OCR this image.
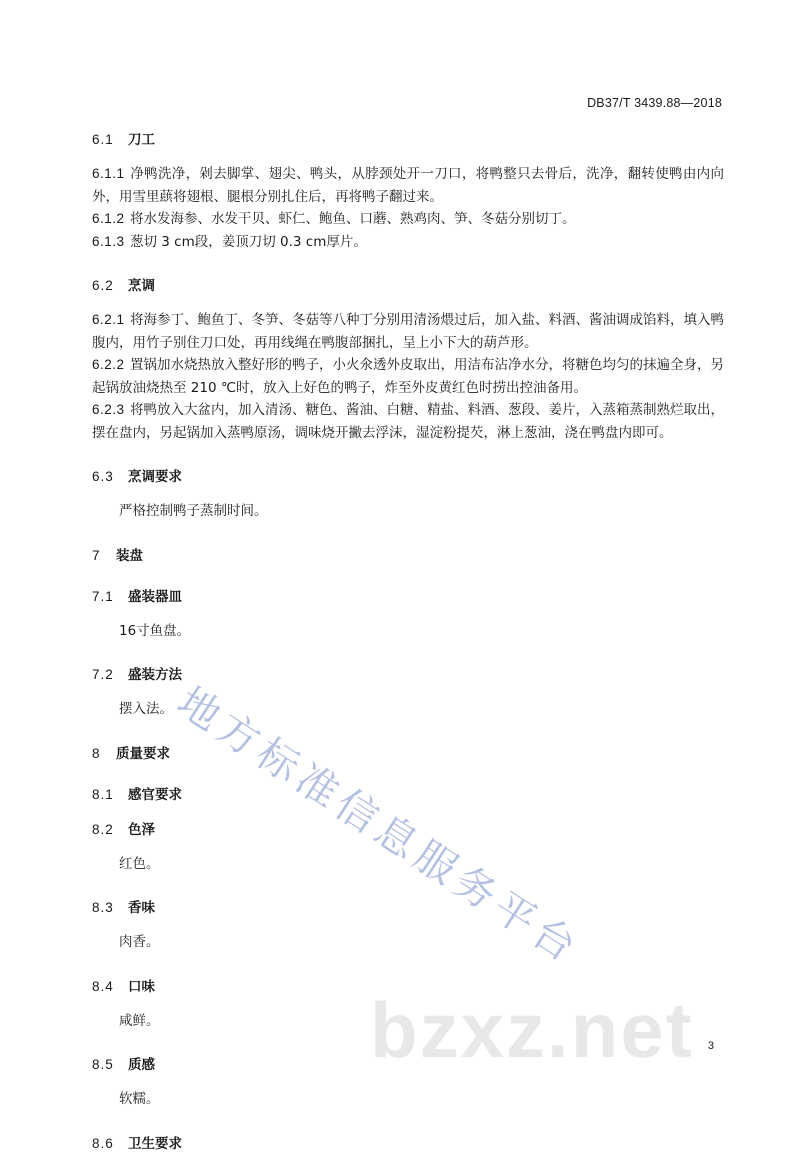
DB37/T 3439.88—2018
6.1	刀工
6.1.1 净鸭洗净，剁去脚掌、翅尖、鸭头，从脖颈处开一刀口，将鸭整只去骨后，洗净，翻转使鸭由内向外，用雪里蕻将翅根、腿根分别扎住后，再将鸭子翻过来。
6.1.2 将水发海参、水发干贝、虾仁、鲍鱼、口蘑、熟鸡肉、笋、冬菇分别切丁。
6.1.3 葱切 3 cm段，姜顶刀切 0.3 cm厚片。
6.2	烹调
6.2.1 将海参丁、鲍鱼丁、冬笋、冬菇等八种丁分别用清汤煨过后，加入盐、料酒、酱油调成馅料，填入鸭腹内，用竹子别住刀口处，再用线绳在鸭腹部捆扎，呈上小下大的葫芦形。
6.2.2 置锅加水烧热放入整好形的鸭子，小火氽透外皮取出，用洁布沾净水分，将糖色均匀的抹遍全身，另起锅放油烧热至 210 ℃时，放入上好色的鸭子，炸至外皮黄红色时捞出控油备用。
6.2.3 将鸭放入大盆内，加入清汤、糖色、酱油、白糖、精盐、料酒、葱段、姜片，入蒸箱蒸制熟烂取出，摆在盘内，另起锅加入蒸鸭原汤，调味烧开撇去浮沫，湿淀粉提芡，淋上葱油，浇在鸭盘内即可。
6.3	烹调要求
严格控制鸭子蒸制时间。
7	装盘
7.1	盛装器皿
16寸鱼盘。
7.2	盛装方法
摆入法。
8	质量要求
8.1	感官要求
8.2	色泽
红色。
8.3	香味
肉香。
8.4	口味
咸鲜。
8.5	质感
软糯。
8.6	卫生要求
地方标准信息服务平台
bzxz.net 3
